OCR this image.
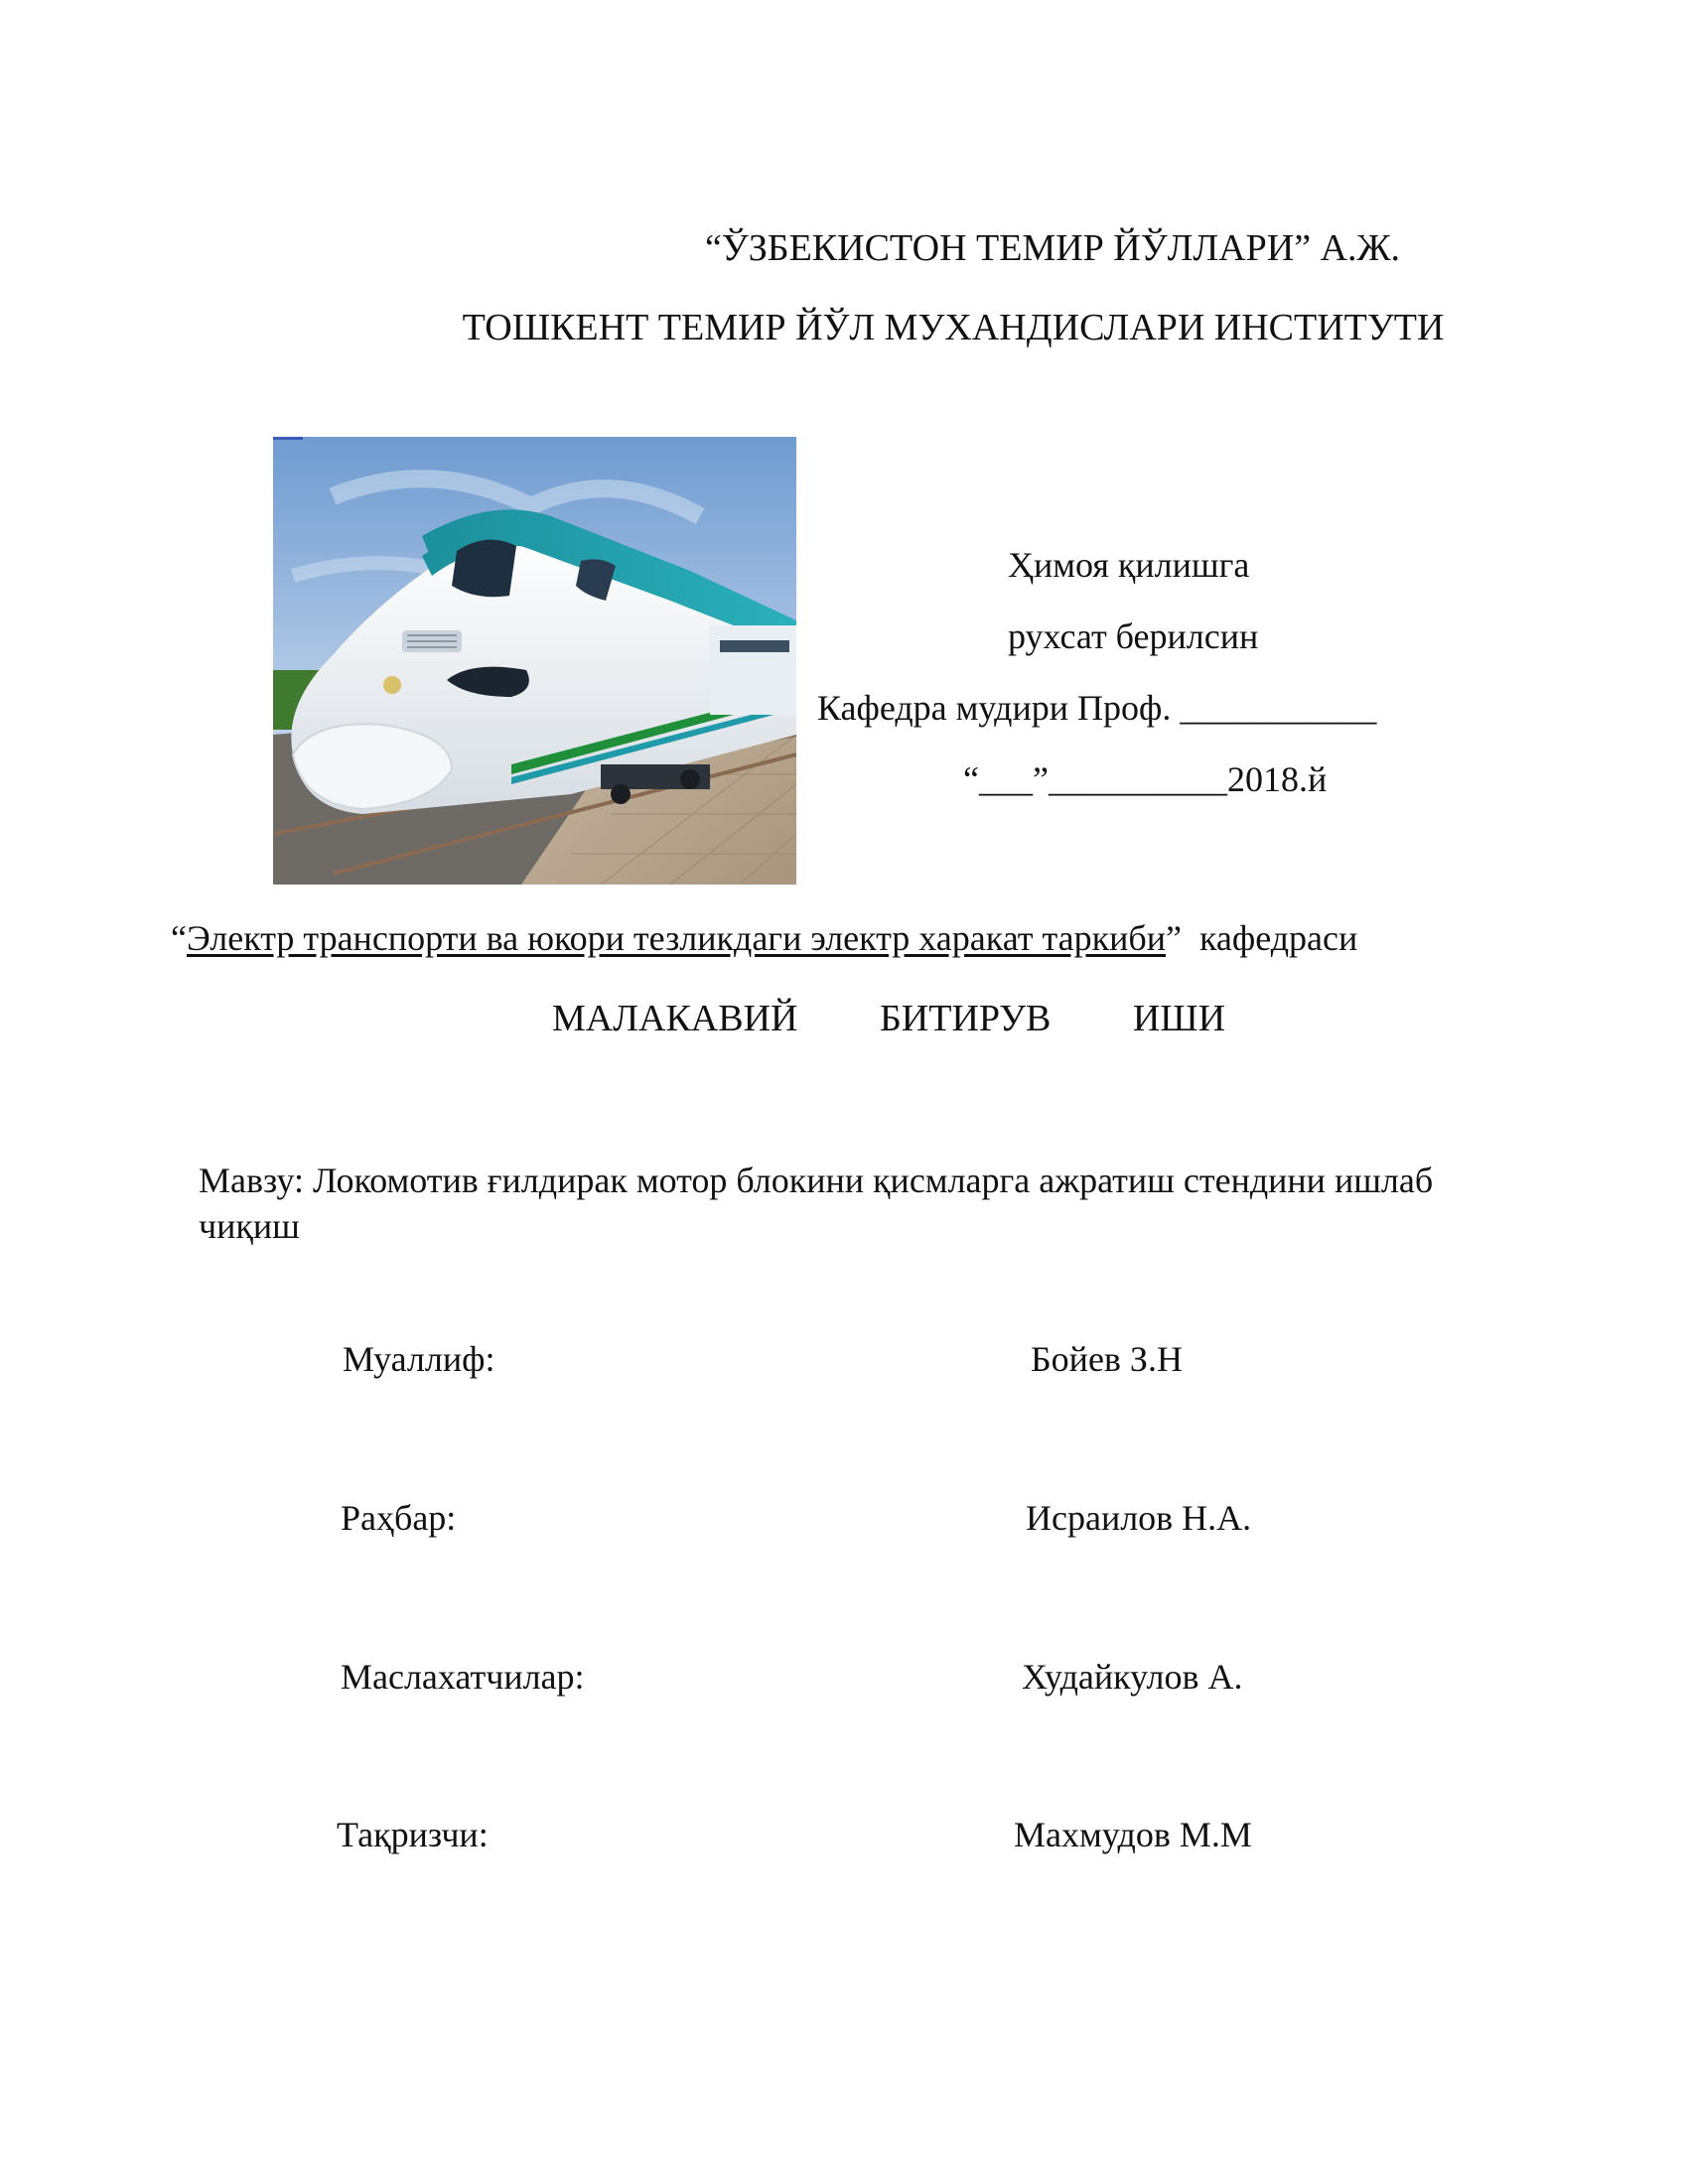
“ЎЗБЕКИСТОН ТЕМИР ЙЎЛЛАРИ” А.Ж.
ТОШКЕНТ ТЕМИР ЙЎЛ МУХАНДИСЛАРИ ИНСТИТУТИ
Ҳимоя қилишга
рухсат берилсин
Кафедра мудири Проф. ___________
“___”__________2018.й
“Электр транспорти ва юкори тезликдаги электр харакат таркиби”  кафедраси
МАЛАКАВИЙ   БИТИРУВ   ИШИ
Мавзу: Локомотив ғилдирак мотор блокини қисмларга ажратиш стендини ишлаб чиқиш
Муаллиф:	Бойев З.Н
Раҳбар:	Исраилов Н.А.
Маслахатчилар:	Худайкулов А.
Тақризчи:	Махмудов М.М
